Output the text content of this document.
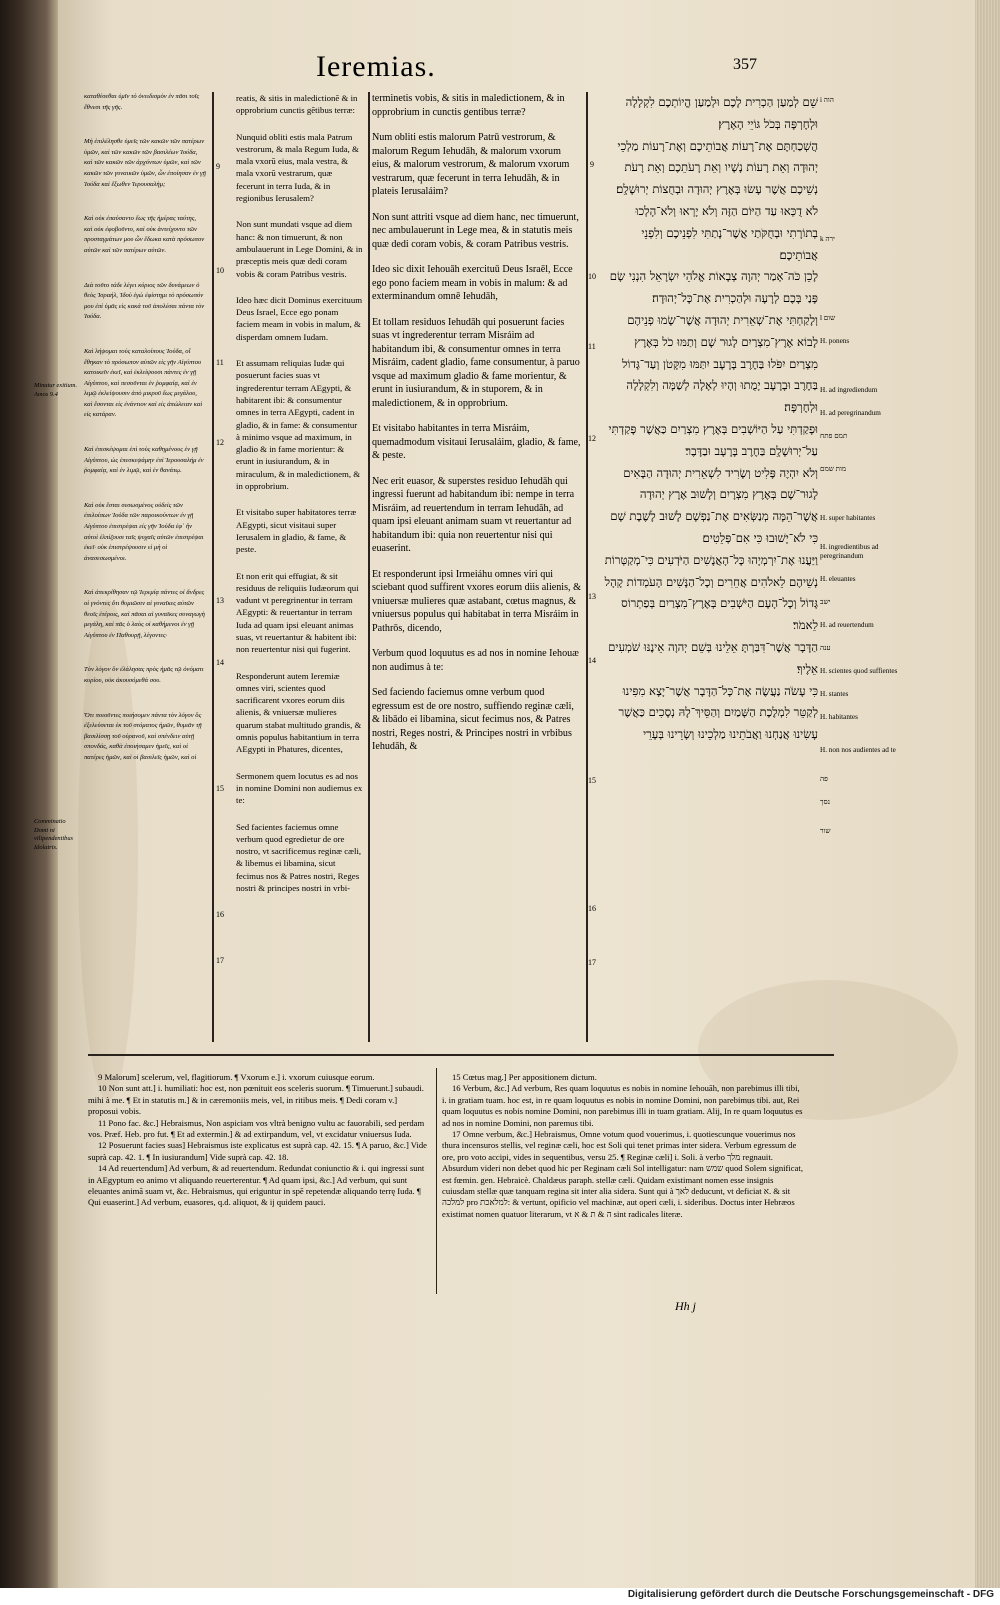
Ieremias.	357
Minatur exitium. Amos 9.4
Comminatio Domi ni vilipendentibus Idolatris.

καταθέσεθαι ὑμῖν τὸ ὀνειδισμὸν ἐν πᾶσι τοῖς ἔθνεσι τῆς γῆς.

Μὴ ἐπιλέλησθε ὑμεῖς τῶν κακῶν τῶν πατέρων ὑμῶν, καὶ τῶν κακῶν τῶν βασιλέων Ἰούδα, καὶ τῶν κακῶν τῶν ἀρχόντων ὑμῶν, καὶ τῶν κακῶν τῶν γυναικῶν ὑμῶν, ὧν ἐποίησαν ἐν γῇ Ἰούδα καὶ ἔξωθεν Ἱερουσαλήμ;

Καὶ οὐκ ἐπαύσαντο ἕως τῆς ἡμέρας ταύτης, καὶ οὐκ ἐφοβοῦντο, καὶ οὐκ ἀντείχοντο τῶν προσταγμάτων μου ὧν ἔδωκα κατὰ πρόσωπον αὐτῶν καὶ τῶν πατέρων αὐτῶν.

Διὰ τοῦτο τάδε λέγει κύριος τῶν δυνάμεων ὁ θεὸς Ἰσραήλ, Ἰδοὺ ἐγὼ ἐφίστημι τὸ πρόσωπόν μου ἐπὶ ὑμᾶς εἰς κακὰ τοῦ ἀπολέσαι πάντα τὸν Ἰούδα.

Καὶ λήψομαι τοὺς καταλοίπους Ἰούδα, οἳ ἔθηκαν τὸ πρόσωπον αὐτῶν εἰς γῆν Αἰγύπτου κατοικεῖν ἐκεῖ, καὶ ἐκλείψουσι πάντες ἐν γῇ Αἰγύπτου, καὶ πεσοῦνται ἐν ῥομφαίᾳ, καὶ ἐν λιμῷ ἐκλείψουσιν ἀπὸ μικροῦ ἕως μεγάλου, καὶ ἔσονται εἰς ἐνάντιον καὶ εἰς ἀπώλειαν καὶ εἰς κατάραν.

Καὶ ἐπισκέψομαι ἐπὶ τοὺς καθημένους ἐν γῇ Αἰγύπτου, ὡς ἐπεσκεψάμην ἐπὶ Ἱερουσαλήμ ἐν ῥομφαίᾳ, καὶ ἐν λιμῷ, καὶ ἐν θανάτῳ.

Καὶ οὐκ ἔσται σεσωσμένος οὐδεὶς τῶν ἐπιλοίπων Ἰούδα τῶν παροικούντων ἐν γῇ Αἰγύπτου ἐπιστρέψαι εἰς γῆν Ἰούδα ἐφ᾽ ἣν αὐτοὶ ἐλπίζουσι ταῖς ψυχαῖς αὐτῶν ἐπιστρέψαι ἐκεῖ· οὐκ ἐπιστρέψουσιν εἰ μὴ οἱ ἀνασεσωσμένοι.

Καὶ ἀπεκρίθησαν τῷ Ἱερεμίᾳ πάντες οἱ ἄνδρες οἱ γνόντες ὅτι θυμιῶσιν αἱ γυναῖκες αὐτῶν θεοῖς ἑτέροις, καὶ πᾶσαι αἱ γυναῖκες συναγωγὴ μεγάλη, καὶ πᾶς ὁ λαὸς οἱ καθήμενοι ἐν γῇ Αἰγύπτου ἐν Παθουρῇ, λέγοντες·

Τὸν λόγον ὃν ἐλάλησας πρὸς ἡμᾶς τῷ ὀνόματι κυρίου, οὐκ ἀκουσόμεθά σου.

Ὅτι ποιοῦντες ποιήσομεν πάντα τὸν λόγον ὃς ἐξελεύσεται ἐκ τοῦ στόματος ἡμῶν, θυμιᾶν τῇ βασιλίσσῃ τοῦ οὐρανοῦ, καὶ σπένδειν αὐτῇ σπονδάς, καθὰ ἐποιήσαμεν ἡμεῖς, καὶ οἱ πατέρες ἡμῶν, καὶ οἱ βασιλεῖς ἡμῶν, καὶ οἱ

9
10
11
12
13
14
15
16
17

reatis, & sitis in maledictionē & in opprobrium cunctis gētibus terræ:

Nunquid obliti estis mala Patrum vestrorum, & mala Regum Iuda, & mala vxorū eius, mala vestra, & mala vxorū vestrarum, quæ fecerunt in terra Iuda, & in regionibus Ierusalem?

Non sunt mundati vsque ad diem hanc: & non timuerunt, & non ambulauerunt in Lege Domini, & in præceptis meis quæ dedi coram vobis & coram Patribus vestris.

Ideo hæc dicit Dominus exercituum Deus Israel, Ecce ego ponam faciem meam in vobis in malum, & disperdam omnem Iudam.

Et assumam reliquias Iudæ qui posuerunt facies suas vt ingrederentur terram AEgypti, & habitarent ibi: & consumentur omnes in terra AEgypti, cadent in gladio, & in fame: & consumentur à minimo vsque ad maximum, in gladio & in fame morientur: & erunt in iusiurandum, & in miraculum, & in maledictionem, & in opprobrium.

Et visitabo super habitatores terræ AEgypti, sicut visitaui super Ierusalem in gladio, & fame, & peste.

Et non erit qui effugiat, & sit residuus de reliquiis Iudæorum qui vadunt vt peregrinentur in terram AEgypti: & reuertantur in terram Iuda ad quam ipsi eleuant animas suas, vt reuertantur & habitent ibi: non reuertentur nisi qui fugerint.

Responderunt autem Ieremiæ omnes viri, scientes quod sacrificarent vxores eorum diis alienis, & vniuersæ mulieres quarum stabat multitudo grandis, & omnis populus habitantium in terra AEgypti in Phatures, dicentes,

Sermonem quem locutus es ad nos in nomine Domini non audiemus ex te:

Sed facientes faciemus omne verbum quod egredietur de ore nostro, vt sacrificemus reginæ cæli, & libemus ei libamina, sicut fecimus nos & Patres nostri, Reges nostri & principes nostri in vrbi-

terminetis vobis, & sitis in maledictionem, & in opprobrium in cunctis gentibus terræ?

Num obliti estis malorum Patrū vestrorum, & malorum Regum Iehudāh, & malorum vxorum eius, & malorum vestrorum, & malorum vxorum vestrarum, quæ fecerunt in terra Iehudāh, & in plateis Ierusaláim?

Non sunt attriti vsque ad diem hanc, nec timuerunt, nec ambulauerunt in Lege mea, & in statutis meis quæ dedi coram vobis, & coram Patribus vestris.

Ideo sic dixit Iehouāh exercituū Deus Israēl, Ecce ego pono faciem meam in vobis in malum: & ad exterminandum omnē Iehudāh,

Et tollam residuos Iehudāh qui posuerunt facies suas vt ingrederentur terram Misráim ad habitandum ibi, & consumentur omnes in terra Misráim, cadent gladio, fame consumentur, à paruo vsque ad maximum gladio & fame morientur, & erunt in iusiurandum, & in stuporem, & in maledictionem, & in opprobrium.

Et visitabo habitantes in terra Misráim, quemadmodum visitaui Ierusaláim, gladio, & fame, & peste.

Nec erit euasor, & superstes residuo Iehudāh qui ingressi fuerunt ad habitandum ibi: nempe in terra Misráim, ad reuertendum in terram Iehudāh, ad quam ipsi eleuant animam suam vt reuertantur ad habitandum ibi: quia non reuertentur nisi qui euaserint.

Et responderunt ipsi Irmeiáhu omnes viri qui sciebant quod suffirent vxores eorum diis alienis, & vniuersæ mulieres quæ astabant, cœtus magnus, & vniuersus populus qui habitabat in terra Misráim in Pathrōs, dicendo,

Verbum quod loquutus es ad nos in nomine Iehouæ non audimus à te:

Sed faciendo faciemus omne verbum quod egressum est de ore nostro, suffiendo reginæ cæli, & libādo ei libamina, sicut fecimus nos, & Patres nostri, Reges nostri, & Principes nostri in vrbibus Iehudāh, &

9
10
11
12
13
14
15
16
17

שֵׁם לְמַעַן הַכְרִית לָכֶם וּלְמַעַן הֱיוֹתְכֶם לִקְלָלָה וּלְחֶרְפָּה בְּכֹל גּוֹיֵי הָאָרֶץ׃

הֲשְׁכַחְתֶּם אֶת־רָעוֹת אֲבוֹתֵיכֶם וְאֶת־רָעוֹת מַלְכֵי יְהוּדָה וְאֵת רָעוֹת נָשָׁיו וְאֵת רָעֹתֵכֶם וְאֵת רָעֹת נְשֵׁיכֶם אֲשֶׁר עָשׂוּ בְּאֶרֶץ יְהוּדָה וּבְחֻצוֹת יְרוּשָׁלִָם׃

לֹא דֻכְּאוּ עַד הַיּוֹם הַזֶּה וְלֹא יָרְאוּ וְלֹא־הָלְכוּ בְתוֹרָתִי וּבְחֻקֹּתַי אֲשֶׁר־נָתַתִּי לִפְנֵיכֶם וְלִפְנֵי אֲבוֹתֵיכֶם׃

לָכֵן כֹּה־אָמַר יְהוָה צְבָאוֹת אֱלֹהֵי יִשְׂרָאֵל הִנְנִי שָׂם פָּנַי בָּכֶם לְרָעָה וּלְהַכְרִית אֶת־כָּל־יְהוּדָה׃

וְלָקַחְתִּי אֶת־שְׁאֵרִית יְהוּדָה אֲשֶׁר־שָׂמוּ פְנֵיהֶם לָבוֹא אֶרֶץ־מִצְרַיִם לָגוּר שָׁם וְתַמּוּ כֹל בְּאֶרֶץ מִצְרַיִם יִפֹּלוּ בַּחֶרֶב בָּרָעָב יִתַּמּוּ מִקָּטֹן וְעַד־גָּדוֹל בַּחֶרֶב וּבָרָעָב יָמֻתוּ וְהָיוּ לְאָלָה לְשַׁמָּה וְלִקְלָלָה וּלְחֶרְפָּה׃

וּפָקַדְתִּי עַל הַיּוֹשְׁבִים בְּאֶרֶץ מִצְרַיִם כַּאֲשֶׁר פָּקַדְתִּי עַל־יְרוּשָׁלִָם בַּחֶרֶב בָּרָעָב וּבַדָּבֶר׃

וְלֹא יִהְיֶה פָּלִיט וְשָׂרִיד לִשְׁאֵרִית יְהוּדָה הַבָּאִים לָגוּר־שָׁם בְּאֶרֶץ מִצְרָיִם וְלָשׁוּב אֶרֶץ יְהוּדָה אֲשֶׁר־הֵמָּה מְנַשְּׂאִים אֶת־נַפְשָׁם לָשׁוּב לָשֶׁבֶת שָׁם כִּי לֹא־יָשׁוּבוּ כִּי אִם־פְּלֵטִים׃

וַיַּעֲנוּ אֶת־יִרְמְיָהוּ כָּל־הָאֲנָשִׁים הַיֹּדְעִים כִּי־מְקַטְּרוֹת נְשֵׁיהֶם לֵאלֹהִים אֲחֵרִים וְכָל־הַנָּשִׁים הָעֹמְדוֹת קָהָל גָּדוֹל וְכָל־הָעָם הַיֹּשְׁבִים בְּאֶרֶץ־מִצְרַיִם בְּפַתְרוֹס לֵאמֹר׃

הַדָּבָר אֲשֶׁר־דִּבַּרְתָּ אֵלֵינוּ בְּשֵׁם יְהוָה אֵינֶנּוּ שֹׁמְעִים אֵלֶיךָ׃

כִּי עָשֹׂה נַעֲשֶׂה אֶת־כָּל־הַדָּבָר אֲשֶׁר־יָצָא מִפִּינוּ לְקַטֵּר לִמְלֶכֶת הַשָּׁמַיִם וְהַסֵּיךְ־לָהּ נְסָכִים כַּאֲשֶׁר עָשִׂינוּ אֲנַחְנוּ וַאֲבֹתֵינוּ מַלְכֵינוּ וְשָׂרֵינוּ בְּעָרֵי

i הוה
k ירה
l שום
H. ponens
H. ad ingrediendum
H. ad peregrinandum
תמם פתח
מות שמם
H. super habitantes
H. ingredientibus ad peregrinandum
H. eleuantes
ישב
H. ad reuertendum
ענה
H. scientes quod suffientes
H. stantes
H. habitantes
H. non nos audientes ad te
פה
נסך
שור

9 Malorum] scelerum, vel, flagitiorum. ¶ Vxorum e.] i. vxorum cuiusque eorum.

10 Non sunt att.] i. humiliati: hoc est, non pœnituit eos sceleris suorum. ¶ Timuerunt.] subaudi. mihi à me. ¶ Et in statutis m.] & in cæremoniis meis, vel, in ritibus meis. ¶ Dedi coram v.] proposui vobis.

11 Pono fac. &c.] Hebraismus, Non aspiciam vos vltrà benigno vultu ac fauorabili, sed perdam vos. Præf. Heb. pro fut. ¶ Et ad extermin.] & ad extirpandum, vel, vt excidatur vniuersus Iuda.

12 Posuerunt facies suas] Hebraismus iste explicatus est suprà cap. 42. 15. ¶ A paruo, &c.] Vide suprà cap. 42. 1. ¶ In iusiurandum] Vide suprà cap. 42. 18.

14 Ad reuertendum] Ad verbum, & ad reuertendum. Redundat coniunctio & i. qui ingressi sunt in AEgyptum eo animo vt aliquando reuerterentur. ¶ Ad quam ipsi, &c.] Ad verbum, qui sunt eleuantes animā suam vt, &c. Hebraismus, qui eriguntur in spē repetendæ aliquando terrę Iuda. ¶ Qui euaserint.] Ad verbum, euasores, q.d. aliquot, & ij quidem pauci.

15 Cœtus mag.] Per appositionem dictum.

16 Verbum, &c.] Ad verbum, Res quam loquutus es nobis in nomine Iehouāh, non parebimus illi tibi, i. in gratiam tuam. hoc est, in re quam loquutus es nobis in nomine Domini, non parebimus tibi. aut, Rei quam loquutus es nobis nomine Domini, non parebimus illi in tuam gratiam. Alij, In re quam loquutus es ad nos in nomine Domini, non paremus tibi.

17 Omne verbum, &c.] Hebraismus, Omne votum quod vouerimus, i. quotiescunque vouerimus nos thura incensuros stellis, vel reginæ cæli, hoc est Soli qui tenet primas inter sidera. Verbum egressum de ore, pro voto accipi, vides in sequentibus, versu 25. ¶ Reginæ cæli] i. Soli. à verbo מלך regnauit. Absurdum videri non debet quod hic per Reginam cæli Sol intelligatur: nam שמש quod Solem significat, est fœmin. gen. Hebraicè. Chaldæus paraph. stellæ cæli. Quidam existimant nomen esse insignis cuiusdam stellæ quæ tanquam regina sit inter alia sidera. Sunt qui à לאך deducunt, vt deficiat א. & sit למלכה pro למלאכת: & vertunt, opificio vel machinæ, aut operi cæli, i. sideribus. Doctus inter Hebræos existimat nomen quatuor literarum, vt ה & ת & א sint radicales literæ.

Hh j
Digitalisierung gefördert durch die Deutsche Forschungsgemeinschaft - DFG
